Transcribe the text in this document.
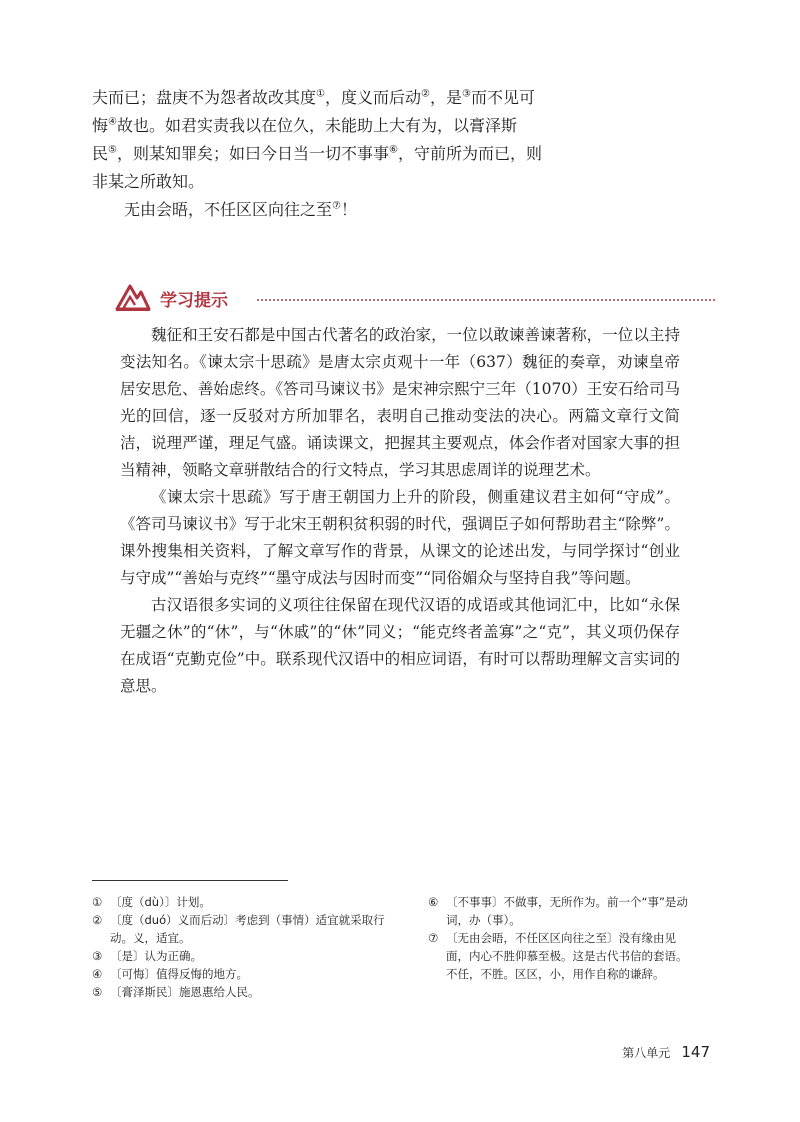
夫而已；盘庚不为怨者故改其度①，度义而后动②，是③而不见可
悔④故也。如君实责我以在位久，未能助上大有为，以膏泽斯
民⑤，则某知罪矣；如曰今日当一切不事事⑥，守前所为而已，则
非某之所敢知。

无由会晤，不任区区向往之至⑦！

学习提示

魏征和王安石都是中国古代著名的政治家，一位以敢谏善谏著称，一位以主持变法知名。《谏太宗十思疏》是唐太宗贞观十一年（637）魏征的奏章，劝谏皇帝居安思危、善始虑终。《答司马谏议书》是宋神宗熙宁三年（1070）王安石给司马光的回信，逐一反驳对方所加罪名，表明自己推动变法的决心。两篇文章行文简洁，说理严谨，理足气盛。诵读课文，把握其主要观点，体会作者对国家大事的担当精神，领略文章骈散结合的行文特点，学习其思虑周详的说理艺术。

《谏太宗十思疏》写于唐王朝国力上升的阶段，侧重建议君主如何“守成”。《答司马谏议书》写于北宋王朝积贫积弱的时代，强调臣子如何帮助君主“除弊”。课外搜集相关资料，了解文章写作的背景，从课文的论述出发，与同学探讨“创业与守成”“善始与克终”“墨守成法与因时而变”“同俗媚众与坚持自我”等问题。

古汉语很多实词的义项往往保留在现代汉语的成语或其他词汇中，比如“永保无疆之休”的“休”，与“休戚”的“休”同义；“能克终者盖寡”之“克”，其义项仍保存在成语“克勤克俭”中。联系现代汉语中的相应词语，有时可以帮助理解文言实词的意思。

① 〔度（dù）〕计划。

② 〔度（duó）义而后动〕考虑到（事情）适宜就采取行动。义，适宜。

③ 〔是〕认为正确。

④ 〔可悔〕值得反悔的地方。

⑤ 〔膏泽斯民〕施恩惠给人民。

⑥ 〔不事事〕不做事，无所作为。前一个“事”是动词，办（事）。

⑦ 〔无由会晤，不任区区向往之至〕没有缘由见面，内心不胜仰慕至极。这是古代书信的套语。不任，不胜。区区，小，用作自称的谦辞。

第八单元 147
